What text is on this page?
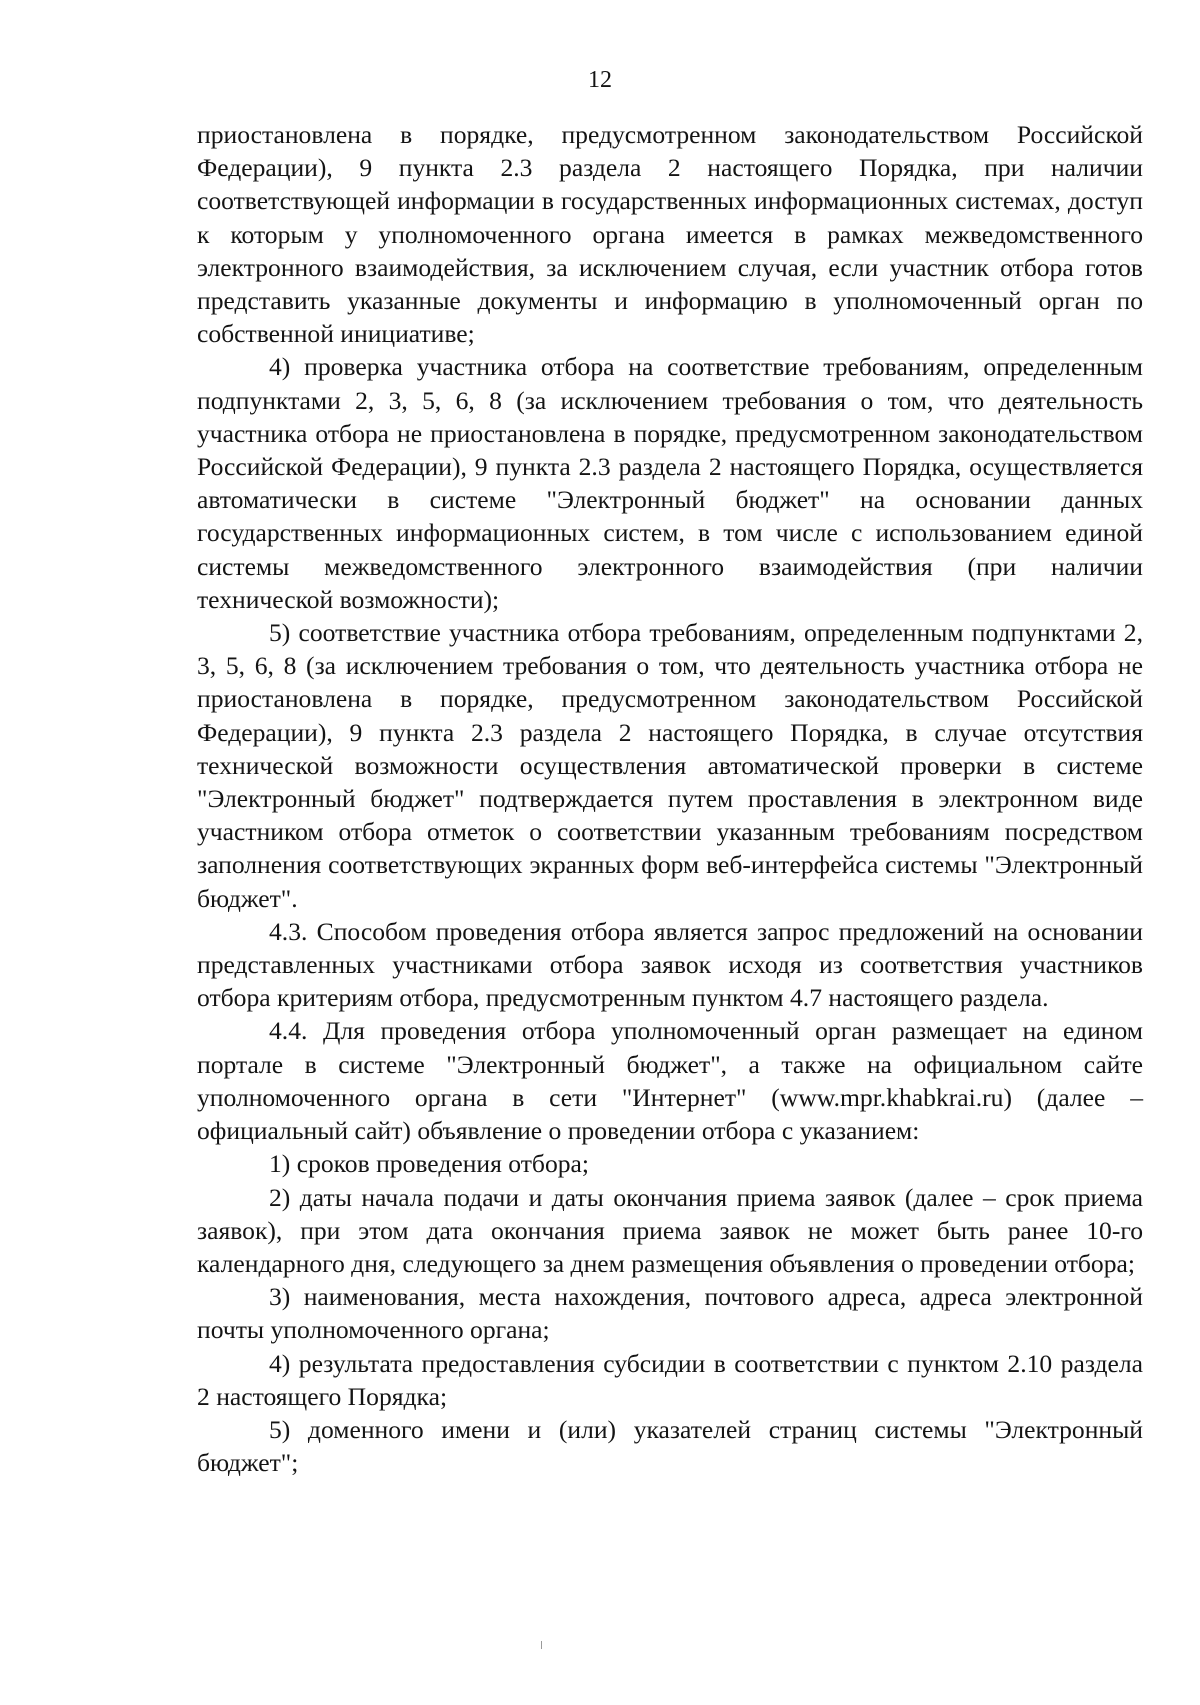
12

приостановлена в порядке, предусмотренном законодательством Российской Федерации), 9 пункта 2.3 раздела 2 настоящего Порядка, при наличии соответствующей информации в государственных информационных системах, доступ к которым у уполномоченного органа имеется в рамках межведомственного электронного взаимодействия, за исключением случая, если участник отбора готов представить указанные документы и информацию в уполномоченный орган по собственной инициативе;

4) проверка участника отбора на соответствие требованиям, определенным подпунктами 2, 3, 5, 6, 8 (за исключением требования о том, что деятельность участника отбора не приостановлена в порядке, предусмотренном законодательством Российской Федерации), 9 пункта 2.3 раздела 2 настоящего Порядка, осуществляется автоматически в системе "Электронный бюджет" на основании данных государственных информационных систем, в том числе с использованием единой системы межведомственного электронного взаимодействия (при наличии технической возможности);

5) соответствие участника отбора требованиям, определенным подпунктами 2, 3, 5, 6, 8 (за исключением требования о том, что деятельность участника отбора не приостановлена в порядке, предусмотренном законодательством Российской Федерации), 9 пункта 2.3 раздела 2 настоящего Порядка, в случае отсутствия технической возможности осуществления автоматической проверки в системе "Электронный бюджет" подтверждается путем проставления в электронном виде участником отбора отметок о соответствии указанным требованиям посредством заполнения соответствующих экранных форм веб-интерфейса системы "Электронный бюджет".

4.3. Способом проведения отбора является запрос предложений на основании представленных участниками отбора заявок исходя из соответствия участников отбора критериям отбора, предусмотренным пунктом 4.7 настоящего раздела.

4.4. Для проведения отбора уполномоченный орган размещает на едином портале в системе "Электронный бюджет", а также на официальном сайте уполномоченного органа в сети "Интернет" (www.mpr.khabkrai.ru) (далее – официальный сайт) объявление о проведении отбора с указанием:

1) сроков проведения отбора;

2) даты начала подачи и даты окончания приема заявок (далее – срок приема заявок), при этом дата окончания приема заявок не может быть ранее 10-го календарного дня, следующего за днем размещения объявления о проведении отбора;

3) наименования, места нахождения, почтового адреса, адреса электронной почты уполномоченного органа;

4) результата предоставления субсидии в соответствии с пунктом 2.10 раздела 2 настоящего Порядка;

5) доменного имени и (или) указателей страниц системы "Электронный бюджет";
